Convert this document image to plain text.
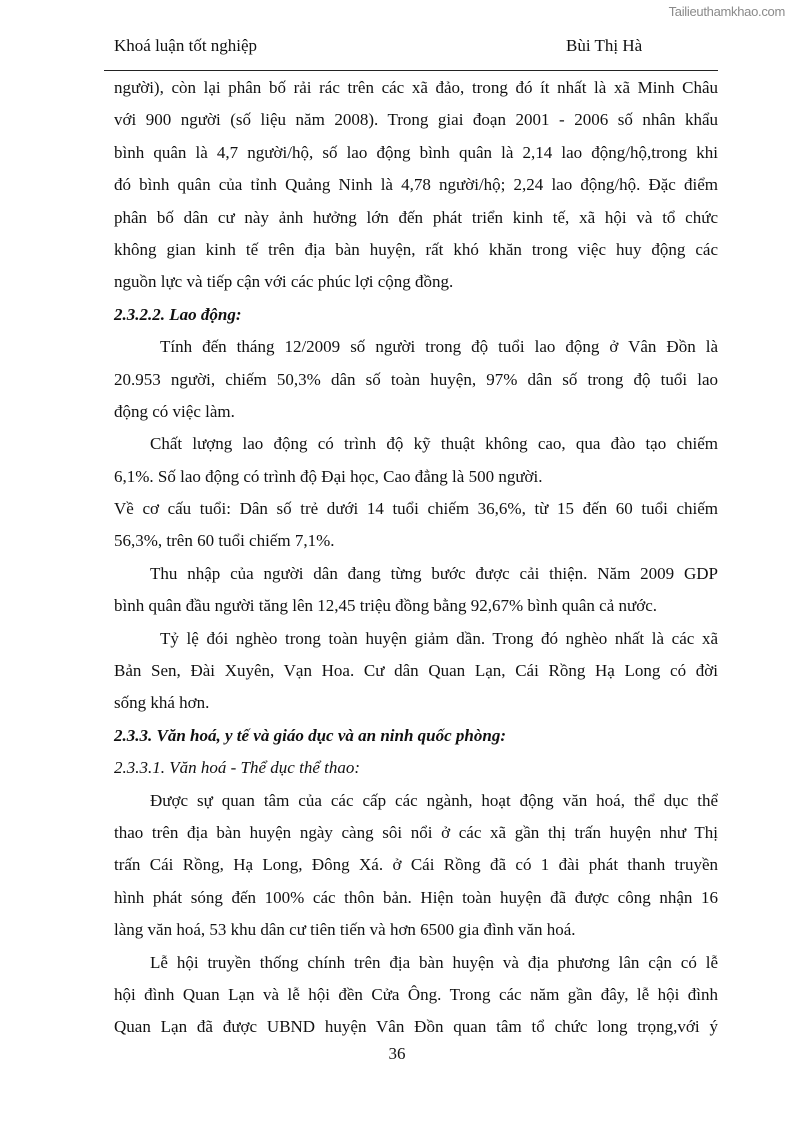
Tailieuthamkhao.com
Khoá luận tốt nghiệp	Bùi Thị Hà
người), còn lại phân bố rải rác trên các xã đảo, trong đó ít nhất là xã Minh Châu
với 900 người (số liệu năm 2008). Trong giai đoạn 2001 - 2006 số nhân khẩu
bình quân là 4,7 người/hộ, số lao động bình quân là 2,14 lao động/hộ,trong khi
đó bình quân của tỉnh Quảng Ninh là 4,78 người/hộ; 2,24 lao động/hộ. Đặc điểm
phân bố dân cư này ảnh hưởng lớn đến phát triển kinh tế, xã hội và tổ chức
không gian kinh tế trên địa bàn huyện, rất khó khăn trong việc huy động các
nguồn lực và tiếp cận với các phúc lợi cộng đồng.
2.3.2.2. Lao động:
Tính đến tháng 12/2009 số người trong độ tuổi lao động ở Vân Đồn là
20.953 người, chiếm 50,3% dân số toàn huyện, 97% dân số trong độ tuổi lao
động có việc làm.
Chất lượng lao động có trình độ kỹ thuật không cao, qua đào tạo chiếm
6,1%. Số lao động có trình độ Đại học, Cao đẳng là 500 người.
Về cơ cấu tuổi: Dân số trẻ dưới 14 tuổi chiếm 36,6%, từ 15 đến 60 tuổi chiếm
56,3%, trên 60 tuổi chiếm 7,1%.
Thu nhập của người dân đang từng bước được cải thiện. Năm 2009 GDP
bình quân đầu người tăng lên 12,45 triệu đồng bằng 92,67% bình quân cả nước.
Tỷ lệ đói nghèo trong toàn huyện giảm dần. Trong đó nghèo nhất là các xã
Bản Sen, Đài Xuyên, Vạn Hoa. Cư dân Quan Lạn, Cái Rồng Hạ Long có đời
sống khá hơn.
2.3.3. Văn hoá, y tế và giáo dục và an ninh quốc phòng:
2.3.3.1. Văn hoá - Thể dục thể thao:
Được sự quan tâm của các cấp các ngành, hoạt động văn hoá, thể dục thể
thao trên địa bàn huyện ngày càng sôi nổi ở các xã gần thị trấn huyện như Thị
trấn Cái Rồng, Hạ Long, Đông Xá. ở Cái Rồng đã có 1 đài phát thanh truyền
hình phát sóng đến 100% các thôn bản. Hiện toàn huyện đã được công nhận 16
làng văn hoá, 53 khu dân cư tiên tiến và hơn 6500 gia đình văn hoá.
Lễ hội truyền thống chính trên địa bàn huyện và địa phương lân cận có lễ
hội đình Quan Lạn và lễ hội đền Cửa Ông. Trong các năm gần đây, lễ hội đình
Quan Lạn đã được UBND huyện Vân Đồn quan tâm tổ chức long trọng,với ý
36
